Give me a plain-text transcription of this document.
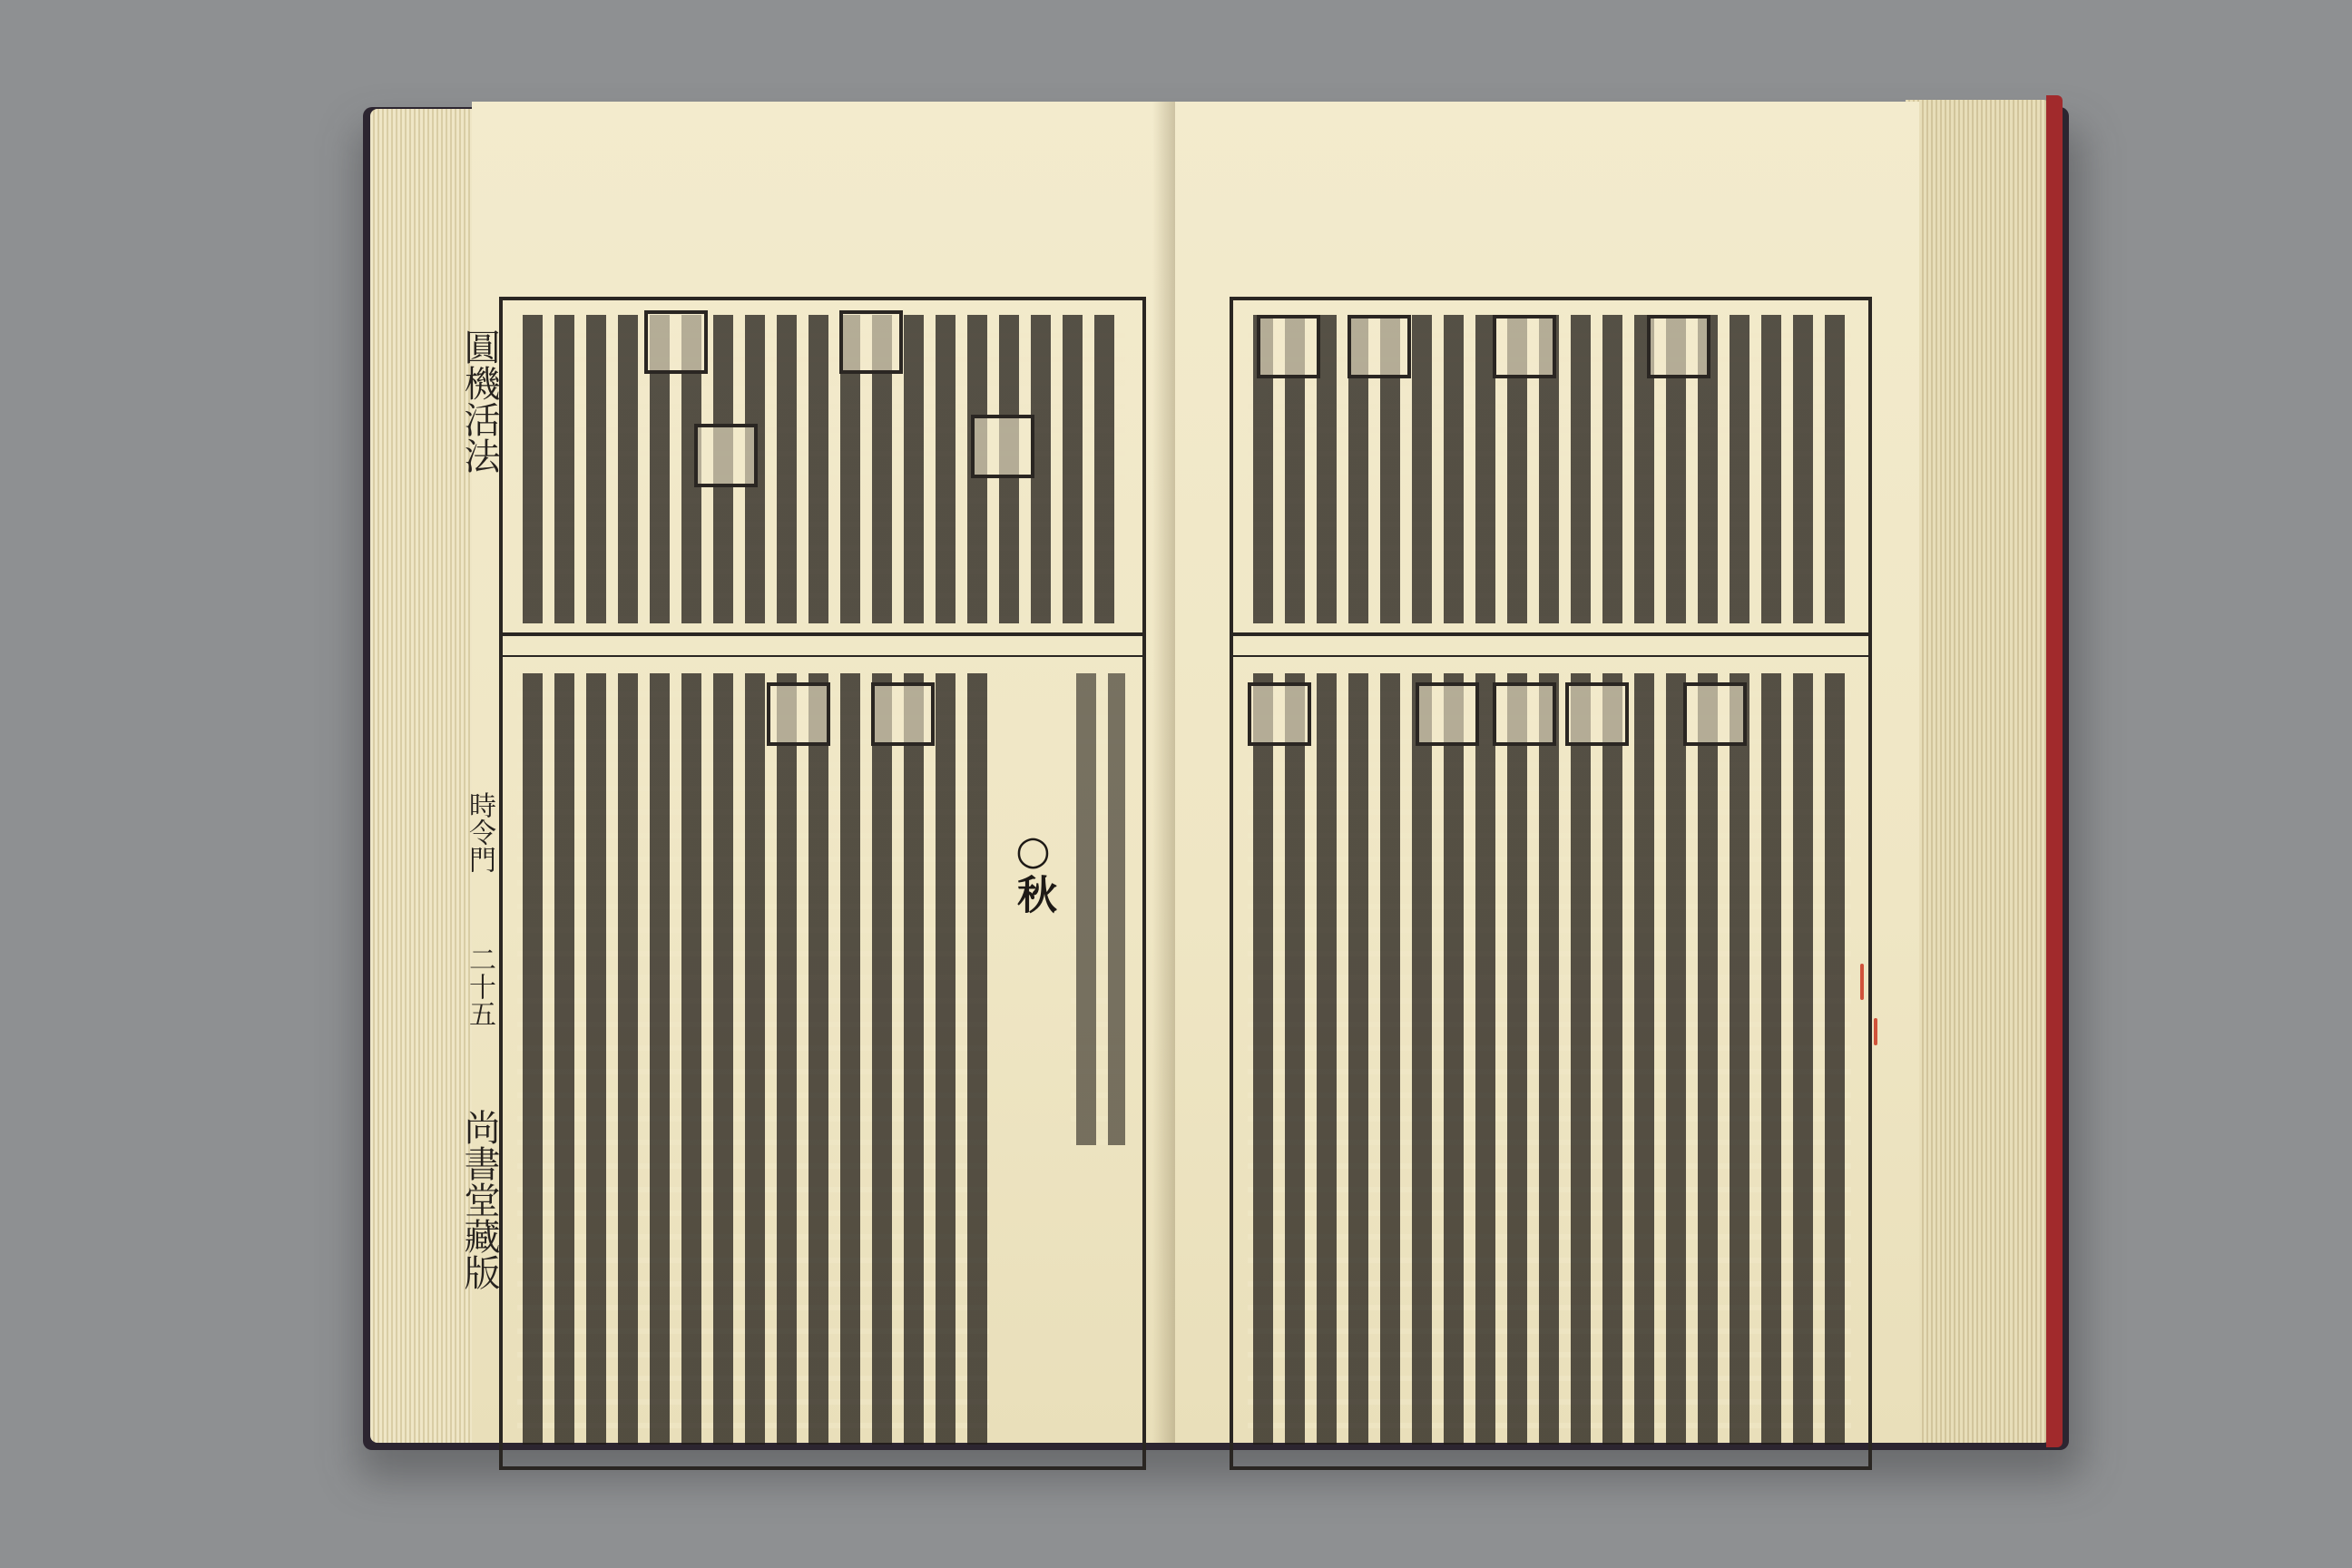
圓機活法
時令門
二十五
尚書堂藏版
○秋
